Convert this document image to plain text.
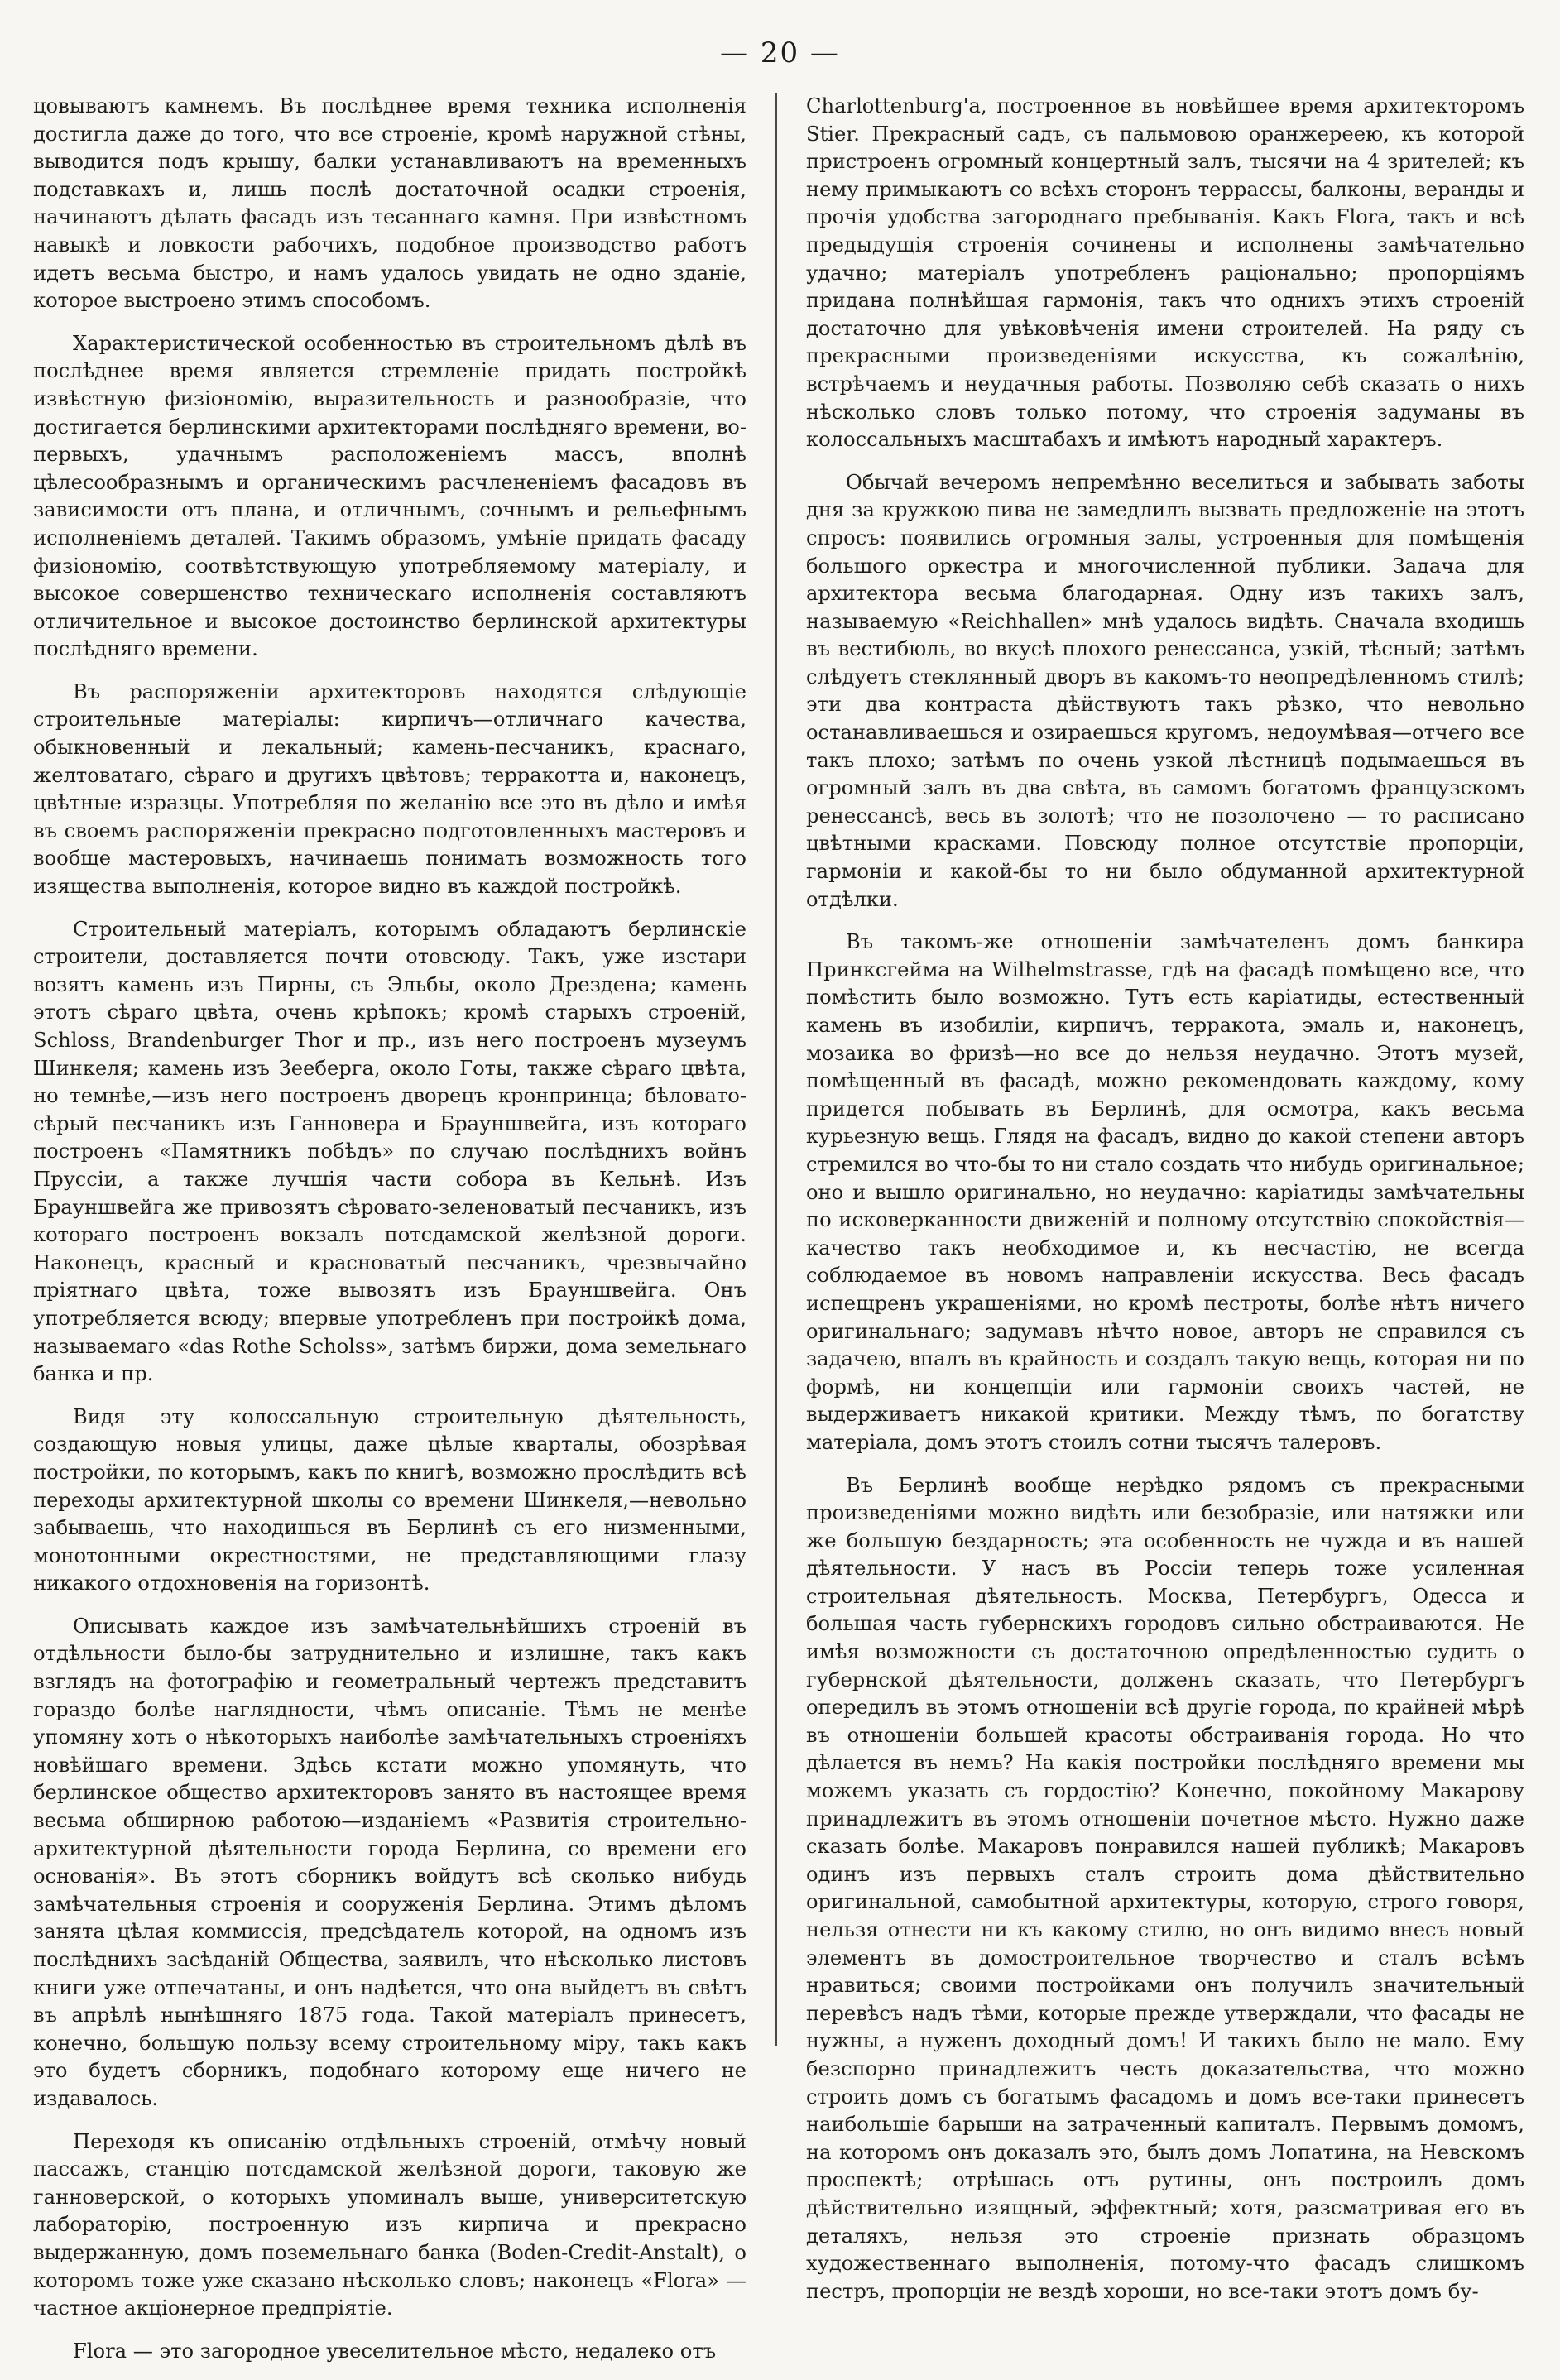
— 20 —

цовываютъ камнемъ. Въ послѣднее время техника исполненія достигла даже до того, что все строеніе, кромѣ наружной стѣны, выводится подъ крышу, балки устанавливаютъ на временныхъ подставкахъ и, лишь послѣ достаточной осадки строенія, начинаютъ дѣлать фасадъ изъ тесаннаго камня. При извѣстномъ навыкѣ и ловкости рабочихъ, подобное производство работъ идетъ весьма быстро, и намъ удалось увидать не одно зданіе, которое выстроено этимъ способомъ.

Характеристической особенностью въ строительномъ дѣлѣ въ послѣднее время является стремленіе придать постройкѣ извѣстную физіономію, выразительность и разнообразіе, что достигается берлинскими архитекторами послѣдняго времени, во-первыхъ, удачнымъ расположеніемъ массъ, вполнѣ цѣлесообразнымъ и органическимъ расчлененіемъ фасадовъ въ зависимости отъ плана, и отличнымъ, сочнымъ и рельефнымъ исполненіемъ деталей. Такимъ образомъ, умѣніе придать фасаду физіономію, соотвѣтствующую употребляемому матеріалу, и высокое совершенство техническаго исполненія составляютъ отличительное и высокое достоинство берлинской архитектуры послѣдняго времени.

Въ распоряженіи архитекторовъ находятся слѣдующіе строительные матеріалы: кирпичъ—отличнаго качества, обыкновенный и лекальный; камень-песчаникъ, краснаго, желтоватаго, сѣраго и другихъ цвѣтовъ; терракотта и, наконецъ, цвѣтные изразцы. Употребляя по желанію все это въ дѣло и имѣя въ своемъ распоряженіи прекрасно подготовленныхъ мастеровъ и вообще мастеровыхъ, начинаешь понимать возможность того изящества выполненія, которое видно въ каждой постройкѣ.

Строительный матеріалъ, которымъ обладаютъ берлинскіе строители, доставляется почти отовсюду. Такъ, уже изстари возятъ камень изъ Пирны, съ Эльбы, около Дрездена; камень этотъ сѣраго цвѣта, очень крѣпокъ; кромѣ старыхъ строеній, Schloss, Brandenburger Thor и пр., изъ него построенъ музеумъ Шинкеля; камень изъ Зееберга, около Готы, также сѣраго цвѣта, но темнѣе,—изъ него построенъ дворецъ кронпринца; бѣловато-сѣрый песчаникъ изъ Ганновера и Брауншвейга, изъ котораго построенъ «Памятникъ побѣдъ» по случаю послѣднихъ войнъ Пруссіи, а также лучшія части собора въ Кельнѣ. Изъ Брауншвейга же привозятъ сѣровато-зеленоватый песчаникъ, изъ котораго построенъ вокзалъ потсдамской желѣзной дороги. Наконецъ, красный и красноватый песчаникъ, чрезвычайно пріятнаго цвѣта, тоже вывозятъ изъ Брауншвейга. Онъ употребляется всюду; впервые употребленъ при постройкѣ дома, называемаго «das Rothe Scholss», затѣмъ биржи, дома земельнаго банка и пр.

Видя эту колоссальную строительную дѣятельность, создающую новыя улицы, даже цѣлые кварталы, обозрѣвая постройки, по которымъ, какъ по книгѣ, возможно прослѣдить всѣ переходы архитектурной школы со времени Шинкеля,—невольно забываешь, что находишься въ Берлинѣ съ его низменными, монотонными окрестностями, не представляющими глазу никакого отдохновенія на горизонтѣ.

Описывать каждое изъ замѣчательнѣйшихъ строеній въ отдѣльности было-бы затруднительно и излишне, такъ какъ взглядъ на фотографію и геометральный чертежъ представитъ гораздо болѣе наглядности, чѣмъ описаніе. Тѣмъ не менѣе упомяну хоть о нѣкоторыхъ наиболѣе замѣчательныхъ строеніяхъ новѣйшаго времени. Здѣсь кстати можно упомянуть, что берлинское общество архитекторовъ занято въ настоящее время весьма обширною работою—изданіемъ «Развитія строительно-архитектурной дѣятельности города Берлина, со времени его основанія». Въ этотъ сборникъ войдутъ всѣ сколько нибудь замѣчательныя строенія и сооруженія Берлина. Этимъ дѣломъ занята цѣлая коммиссія, предсѣдатель которой, на одномъ изъ послѣднихъ засѣданій Общества, заявилъ, что нѣсколько листовъ книги уже отпечатаны, и онъ надѣется, что она выйдетъ въ свѣтъ въ апрѣлѣ нынѣшняго 1875 года. Такой матеріалъ принесетъ, конечно, большую пользу всему строительному міру, такъ какъ это будетъ сборникъ, подобнаго которому еще ничего не издавалось.

Переходя къ описанію отдѣльныхъ строеній, отмѣчу новый пассажъ, станцію потсдамской желѣзной дороги, таковую же ганноверской, о которыхъ упоминалъ выше, университетскую лабораторію, построенную изъ кирпича и прекрасно выдержанную, домъ поземельнаго банка (Boden-Credit-Anstalt), о которомъ тоже уже сказано нѣсколько словъ; наконецъ «Flora» — частное акціонерное предпріятіе.

Flora — это загородное увеселительное мѣсто, недалеко отъ

Charlottenburg'a, построенное въ новѣйшее время архитекторомъ Stier. Прекрасный садъ, съ пальмовою оранжереею, къ которой пристроенъ огромный концертный залъ, тысячи на 4 зрителей; къ нему примыкаютъ со всѣхъ сторонъ террассы, балконы, веранды и прочія удобства загороднаго пребыванія. Какъ Flora, такъ и всѣ предыдущія строенія сочинены и исполнены замѣчательно удачно; матеріалъ употребленъ раціонально; пропорціямъ придана полнѣйшая гармонія, такъ что однихъ этихъ строеній достаточно для увѣковѣченія имени строителей. На ряду съ прекрасными произведеніями искусства, къ сожалѣнію, встрѣчаемъ и неудачныя работы. Позволяю себѣ сказать о нихъ нѣсколько словъ только потому, что строенія задуманы въ колоссальныхъ масштабахъ и имѣютъ народный характеръ.

Обычай вечеромъ непремѣнно веселиться и забывать заботы дня за кружкою пива не замедлилъ вызвать предложеніе на этотъ спросъ: появились огромныя залы, устроенныя для помѣщенія большого оркестра и многочисленной публики. Задача для архитектора весьма благодарная. Одну изъ такихъ залъ, называемую «Reichhallen» мнѣ удалось видѣть. Сначала входишь въ вестибюль, во вкусѣ плохого ренессанса, узкій, тѣсный; затѣмъ слѣдуетъ стеклянный дворъ въ какомъ-то неопредѣленномъ стилѣ; эти два контраста дѣйствуютъ такъ рѣзко, что невольно останавливаешься и озираешься кругомъ, недоумѣвая—отчего все такъ плохо; затѣмъ по очень узкой лѣстницѣ подымаешься въ огромный залъ въ два свѣта, въ самомъ богатомъ французскомъ ренессансѣ, весь въ золотѣ; что не позолочено — то расписано цвѣтными красками. Повсюду полное отсутствіе пропорціи, гармоніи и какой-бы то ни было обдуманной архитектурной отдѣлки.

Въ такомъ-же отношеніи замѣчателенъ домъ банкира Принксгейма на Wilhelmstrasse, гдѣ на фасадѣ помѣщено все, что помѣстить было возможно. Тутъ есть каріатиды, естественный камень въ изобиліи, кирпичъ, терракота, эмаль и, наконецъ, мозаика во фризѣ—но все до нельзя неудачно. Этотъ музей, помѣщенный въ фасадѣ, можно рекомендовать каждому, кому придется побывать въ Берлинѣ, для осмотра, какъ весьма курьезную вещь. Глядя на фасадъ, видно до какой степени авторъ стремился во что-бы то ни стало создать что нибудь оригинальное; оно и вышло оригинально, но неудачно: каріатиды замѣчательны по исковерканности движеній и полному отсутствію спокойствія—качество такъ необходимое и, къ несчастію, не всегда соблюдаемое въ новомъ направленіи искусства. Весь фасадъ испещренъ украшеніями, но кромѣ пестроты, болѣе нѣтъ ничего оригинальнаго; задумавъ нѣчто новое, авторъ не справился съ задачею, впалъ въ крайность и создалъ такую вещь, которая ни по формѣ, ни концепціи или гармоніи своихъ частей, не выдерживаетъ никакой критики. Между тѣмъ, по богатству матеріала, домъ этотъ стоилъ сотни тысячъ талеровъ.

Въ Берлинѣ вообще нерѣдко рядомъ съ прекрасными произведеніями можно видѣть или безобразіе, или натяжки или же большую бездарность; эта особенность не чужда и въ нашей дѣятельности. У насъ въ Россіи теперь тоже усиленная строительная дѣятельность. Москва, Петербургъ, Одесса и большая часть губернскихъ городовъ сильно обстраиваются. Не имѣя возможности съ достаточною опредѣленностью судить о губернской дѣятельности, долженъ сказать, что Петербургъ опередилъ въ этомъ отношеніи всѣ другіе города, по крайней мѣрѣ въ отношеніи большей красоты обстраиванія города. Но что дѣлается въ немъ? На какія постройки послѣдняго времени мы можемъ указать съ гордостію? Конечно, покойному Макарову принадлежитъ въ этомъ отношеніи почетное мѣсто. Нужно даже сказать болѣе. Макаровъ понравился нашей публикѣ; Макаровъ одинъ изъ первыхъ сталъ строить дома дѣйствительно оригинальной, самобытной архитектуры, которую, строго говоря, нельзя отнести ни къ какому стилю, но онъ видимо внесъ новый элементъ въ домостроительное творчество и сталъ всѣмъ нравиться; своими постройками онъ получилъ значительный перевѣсъ надъ тѣми, которые прежде утверждали, что фасады не нужны, а нуженъ доходный домъ! И такихъ было не мало. Ему безспорно принадлежитъ честь доказательства, что можно строить домъ съ богатымъ фасадомъ и домъ все-таки принесетъ наибольшіе барыши на затраченный капиталъ. Первымъ домомъ, на которомъ онъ доказалъ это, былъ домъ Лопатина, на Невскомъ проспектѣ; отрѣшась отъ рутины, онъ построилъ домъ дѣйствительно изящный, эффектный; хотя, разсматривая его въ деталяхъ, нельзя это строеніе признать образцомъ художественнаго выполненія, потому-что фасадъ слишкомъ пестръ, пропорціи не вездѣ хороши, но все-таки этотъ домъ бу-
